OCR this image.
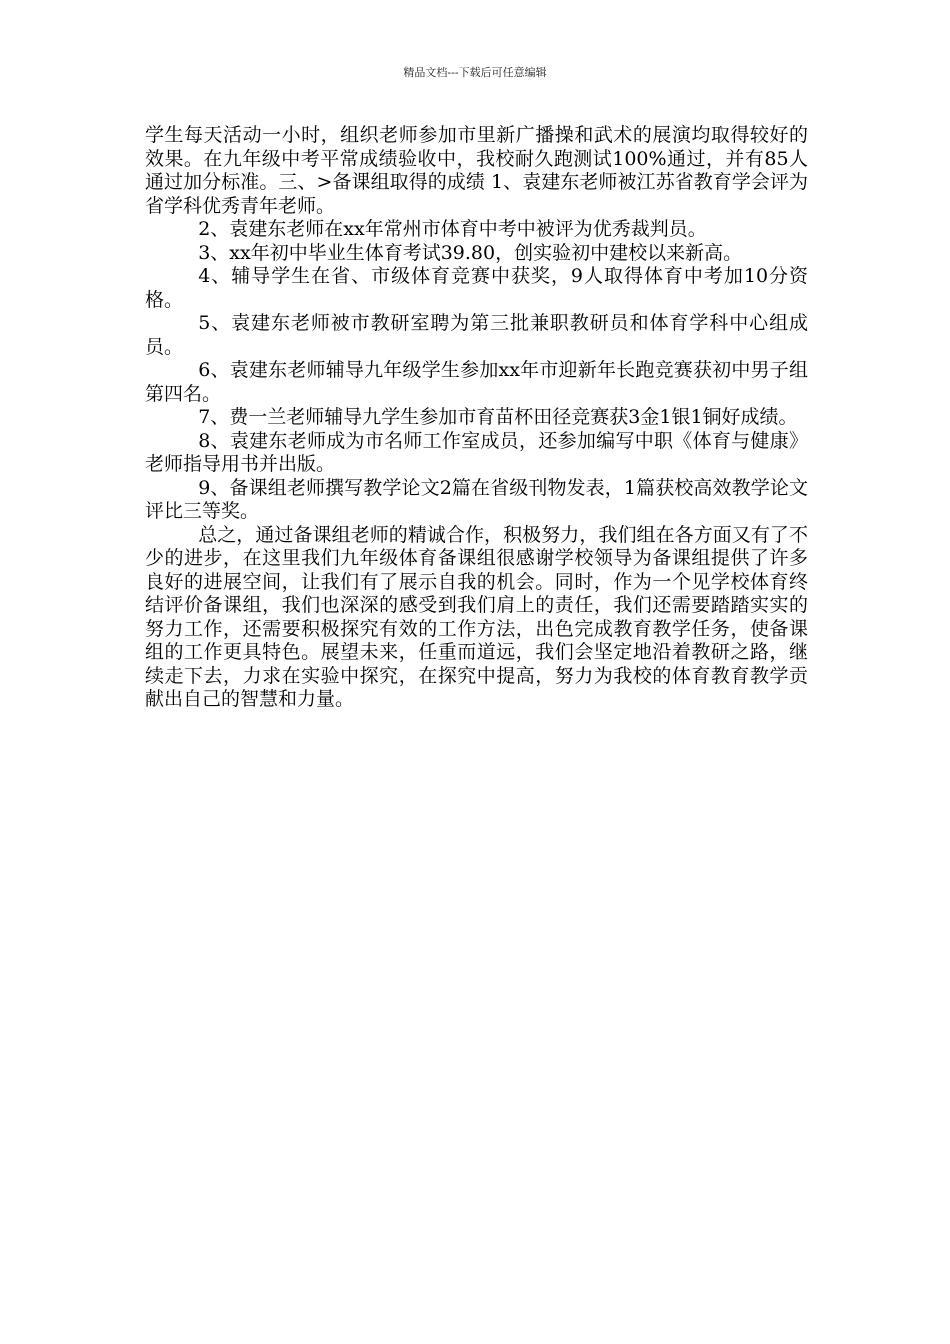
精品文档---下载后可任意编辑

学生每天活动一小时，组织老师参加市里新广播操和武术的展演均取得较好的效果。在九年级中考平常成绩验收中，我校耐久跑测试100%通过，并有85人通过加分标准。三、>备课组取得的成绩 1、袁建东老师被江苏省教育学会评为省学科优秀青年老师。

2、袁建东老师在xx年常州市体育中考中被评为优秀裁判员。

3、xx年初中毕业生体育考试39.80，创实验初中建校以来新高。

4、辅导学生在省、市级体育竞赛中获奖，9人取得体育中考加10分资格。

5、袁建东老师被市教研室聘为第三批兼职教研员和体育学科中心组成员。

6、袁建东老师辅导九年级学生参加xx年市迎新年长跑竞赛获初中男子组第四名。

7、费一兰老师辅导九学生参加市育苗杯田径竞赛获3金1银1铜好成绩。

8、袁建东老师成为市名师工作室成员，还参加编写中职《体育与健康》老师指导用书并出版。

9、备课组老师撰写教学论文2篇在省级刊物发表，1篇获校高效教学论文评比三等奖。

总之，通过备课组老师的精诚合作，积极努力，我们组在各方面又有了不少的进步，在这里我们九年级体育备课组很感谢学校领导为备课组提供了许多良好的进展空间，让我们有了展示自我的机会。同时，作为一个见学校体育终结评价备课组，我们也深深的感受到我们肩上的责任，我们还需要踏踏实实的努力工作，还需要积极探究有效的工作方法，出色完成教育教学任务，使备课组的工作更具特色。展望未来，任重而道远，我们会坚定地沿着教研之路，继续走下去，力求在实验中探究，在探究中提高，努力为我校的体育教育教学贡献出自己的智慧和力量。
